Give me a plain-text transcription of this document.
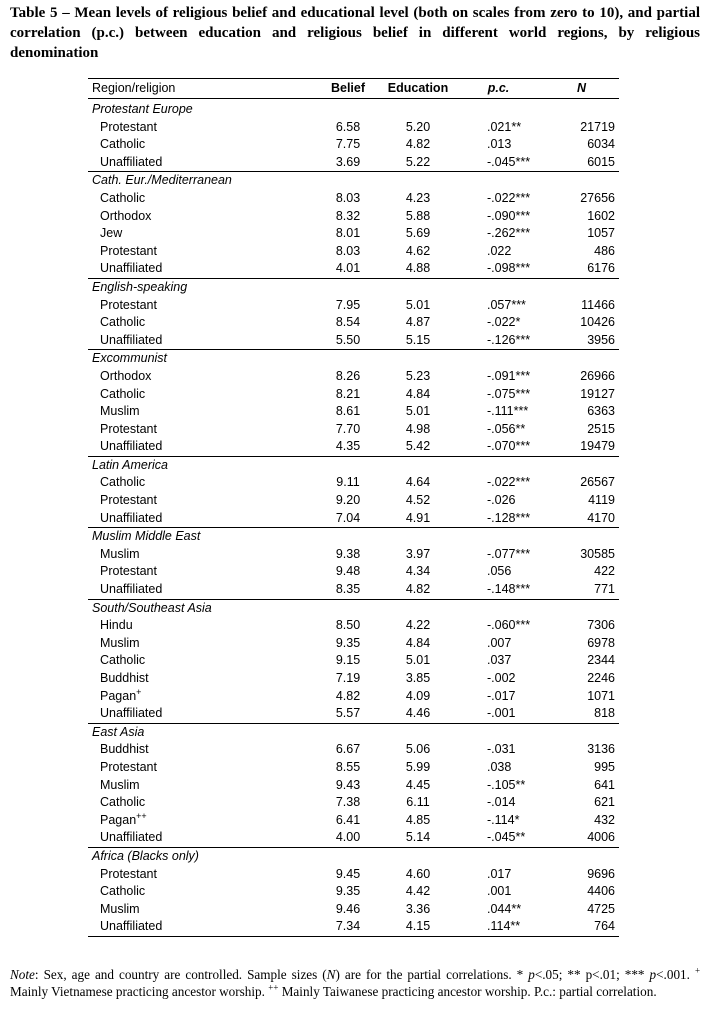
Table 5 – Mean levels of religious belief and educational level (both on scales from zero to 10), and partial correlation (p.c.) between education and religious belief in different world regions, by religious denomination
Region/religion	Belief	Education	p.c.	N
Protestant Europe				
Protestant	6.58	5.20	.021**	21719
Catholic	7.75	4.82	.013	6034
Unaffiliated	3.69	5.22	-.045***	6015
Cath. Eur./Mediterranean				
Catholic	8.03	4.23	-.022***	27656
Orthodox	8.32	5.88	-.090***	1602
Jew	8.01	5.69	-.262***	1057
Protestant	8.03	4.62	.022	486
Unaffiliated	4.01	4.88	-.098***	6176
English-speaking				
Protestant	7.95	5.01	.057***	11466
Catholic	8.54	4.87	-.022*	10426
Unaffiliated	5.50	5.15	-.126***	3956
Excommunist				
Orthodox	8.26	5.23	-.091***	26966
Catholic	8.21	4.84	-.075***	19127
Muslim	8.61	5.01	-.111***	6363
Protestant	7.70	4.98	-.056**	2515
Unaffiliated	4.35	5.42	-.070***	19479
Latin America				
Catholic	9.11	4.64	-.022***	26567
Protestant	9.20	4.52	-.026	4119
Unaffiliated	7.04	4.91	-.128***	4170
Muslim Middle East				
Muslim	9.38	3.97	-.077***	30585
Protestant	9.48	4.34	.056	422
Unaffiliated	8.35	4.82	-.148***	771
South/Southeast Asia				
Hindu	8.50	4.22	-.060***	7306
Muslim	9.35	4.84	.007	6978
Catholic	9.15	5.01	.037	2344
Buddhist	7.19	3.85	-.002	2246
Pagan+	4.82	4.09	-.017	1071
Unaffiliated	5.57	4.46	-.001	818
East Asia				
Buddhist	6.67	5.06	-.031	3136
Protestant	8.55	5.99	.038	995
Muslim	9.43	4.45	-.105**	641
Catholic	7.38	6.11	-.014	621
Pagan++	6.41	4.85	-.114*	432
Unaffiliated	4.00	5.14	-.045**	4006
Africa (Blacks only)				
Protestant	9.45	4.60	.017	9696
Catholic	9.35	4.42	.001	4406
Muslim	9.46	3.36	.044**	4725
Unaffiliated	7.34	4.15	.114**	764
Note: Sex, age and country are controlled. Sample sizes (N) are for the partial correlations. * p<.05; ** p<.01; *** p<.001. + Mainly Vietnamese practicing ancestor worship. ++ Mainly Taiwanese practicing ancestor worship. P.c.: partial correlation.
